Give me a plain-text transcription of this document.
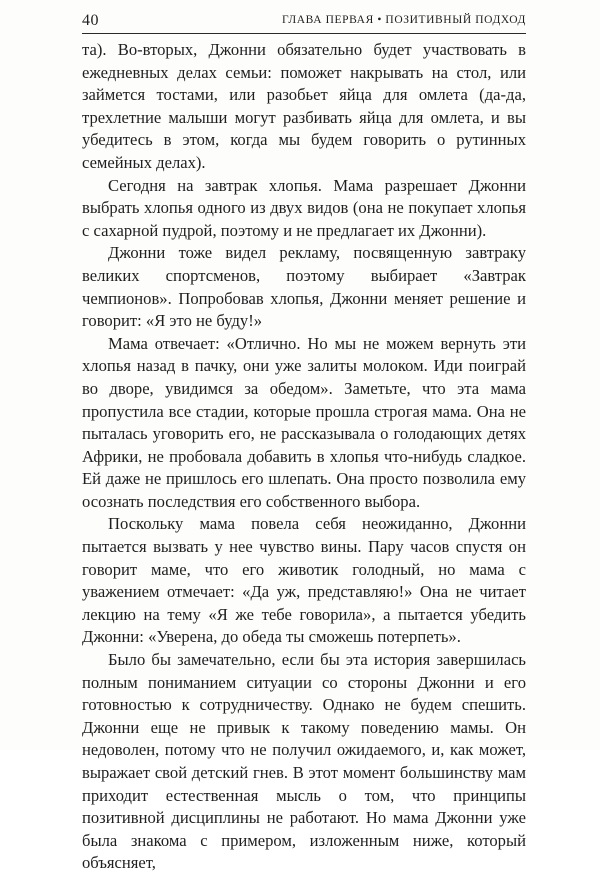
40	ГЛАВА ПЕРВАЯ • ПОЗИТИВНЫЙ ПОДХОД

та). Во-вторых, Джонни обязательно будет участвовать в ежедневных делах семьи: поможет накрывать на стол, или займется тостами, или разобьет яйца для омлета (да-да, трехлетние малыши могут разбивать яйца для омлета, и вы убедитесь в этом, когда мы будем говорить о рутинных семейных делах).

Сегодня на завтрак хлопья. Мама разрешает Джонни выбрать хлопья одного из двух видов (она не покупает хлопья с сахарной пудрой, поэтому и не предлагает их Джонни).

Джонни тоже видел рекламу, посвященную завтраку великих спортсменов, поэтому выбирает «Завтрак чемпионов». Попробовав хлопья, Джонни меняет решение и говорит: «Я это не буду!»

Мама отвечает: «Отлично. Но мы не можем вернуть эти хлопья назад в пачку, они уже залиты молоком. Иди поиграй во дворе, увидимся за обедом». Заметьте, что эта мама пропустила все стадии, которые прошла строгая мама. Она не пыталась уговорить его, не рассказывала о голодающих детях Африки, не пробовала добавить в хлопья что-нибудь сладкое. Ей даже не пришлось его шлепать. Она просто позволила ему осознать последствия его собственного выбора.

Поскольку мама повела себя неожиданно, Джонни пытается вызвать у нее чувство вины. Пару часов спустя он говорит маме, что его животик голодный, но мама с уважением отмечает: «Да уж, представляю!» Она не читает лекцию на тему «Я же тебе говорила», а пытается убедить Джонни: «Уверена, до обеда ты сможешь потерпеть».

Было бы замечательно, если бы эта история завершилась полным пониманием ситуации со стороны Джонни и его готовностью к сотрудничеству. Однако не будем спешить. Джонни еще не привык к такому поведению мамы. Он недоволен, потому что не получил ожидаемого, и, как может, выражает свой детский гнев. В этот момент большинству мам приходит естественная мысль о том, что принципы позитивной дисциплины не работают. Но мама Джонни уже была знакома с примером, изложенным ниже, который объясняет,
